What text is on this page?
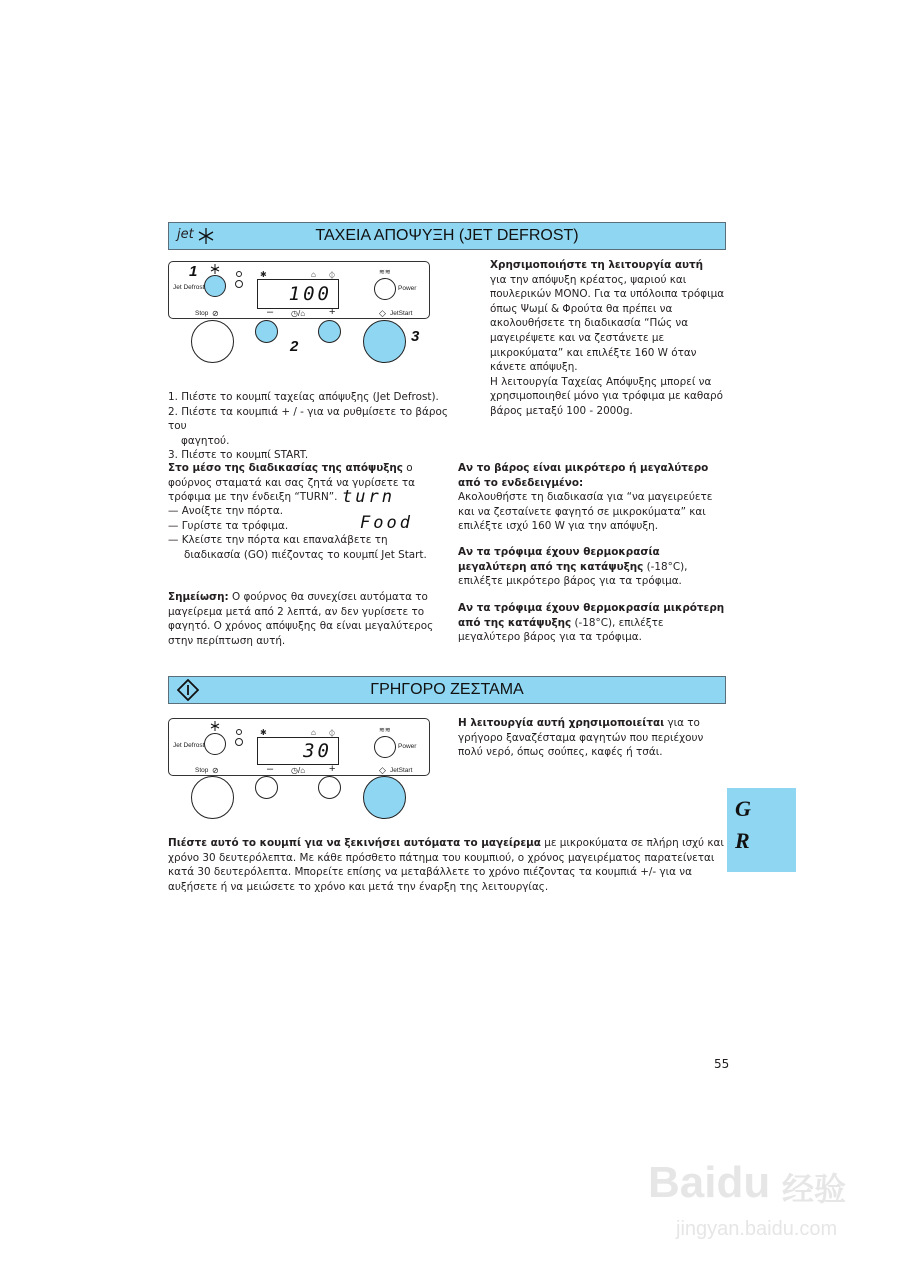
jet	ΤΑΧΕΙΑ ΑΠΟΨΥΞΗ (JET DEFROST)
Jet Defrost	100
✱	⌂ ⏀	≋≋
Power
Stop ⊘	– ◷/⌂ +	◇ JetStart
1
2
3
Χρησιμοποιήστε τη λειτουργία αυτή
για την απόψυξη κρέατος, ψαριού και πουλερικών ΜΟΝΟ. Για τα υπόλοιπα τρόφιμα όπως Ψωμί & Φρούτα θα πρέπει να ακολουθήσετε τη διαδικασία “Πώς να μαγειρέψετε και να ζεστάνετε με μικροκύματα” και επιλέξτε 160 W όταν κάνετε απόψυξη.
Η λειτουργία Ταχείας Απόψυξης μπορεί να χρησιμοποιηθεί μόνο για τρόφιμα με καθαρό βάρος μεταξύ 100 - 2000g.
1. Πιέστε το κουμπί ταχείας απόψυξης (Jet Defrost).
2. Πιέστε τα κουμπιά + / - για να ρυθμίσετε το βάρος του
φαγητού.
3. Πιέστε το κουμπί START.
Στο μέσο της διαδικασίας της απόψυξης ο φούρνος σταματά και σας ζητά να γυρίσετε τα τρόφιμα με την ένδειξη “TURN”.
— Ανοίξτε την πόρτα.
— Γυρίστε τα τρόφιμα.
— Κλείστε την πόρτα και επαναλάβετε τη
διαδικασία (GO) πιέζοντας το κουμπί Jet Start.
turn
Food
Σημείωση: Ο φούρνος θα συνεχίσει αυτόματα το μαγείρεμα μετά από 2 λεπτά, αν δεν γυρίσετε το φαγητό. Ο χρόνος απόψυξης θα είναι μεγαλύτερος στην περίπτωση αυτή.
Αν το βάρος είναι μικρότερο ή μεγαλύτερο από το ενδεδειγμένο:
Ακολουθήστε τη διαδικασία για “να μαγειρεύετε και να ζεσταίνετε φαγητό σε μικροκύματα” και επιλέξτε ισχύ 160 W για την απόψυξη.
Αν τα τρόφιμα έχουν θερμοκρασία μεγαλύτερη από της κατάψυξης (-18°C), επιλέξτε μικρότερο βάρος για τα τρόφιμα.
Αν τα τρόφιμα έχουν θερμοκρασία μικρότερη από της κατάψυξης (-18°C), επιλέξτε μεγαλύτερο βάρος για τα τρόφιμα.
ΓΡΗΓΟΡΟ ΖΕΣΤΑΜΑ
Jet Defrost	30
✱	⌂ ⏀	≋≋
Power
Stop ⊘	– ◷/⌂ +	◇ JetStart
Η λειτουργία αυτή χρησιμοποιείται για το γρήγορο ξαναζέσταμα φαγητών που περιέχουν πολύ νερό, όπως σούπες, καφές ή τσάι.
Πιέστε αυτό το κουμπί για να ξεκινήσει αυτόματα το μαγείρεμα με μικροκύματα σε πλήρη ισχύ και χρόνο 30 δευτερόλεπτα. Με κάθε πρόσθετο πάτημα του κουμπιού, ο χρόνος μαγειρέματος παρατείνεται κατά 30 δευτερόλεπτα. Μπορείτε επίσης να μεταβάλλετε το χρόνο πιέζοντας τα κουμπιά +/- για να αυξήσετε ή να μειώσετε το χρόνο και μετά την έναρξη της λειτουργίας.
G
R
55
Baidu 经验
jingyan.baidu.com
